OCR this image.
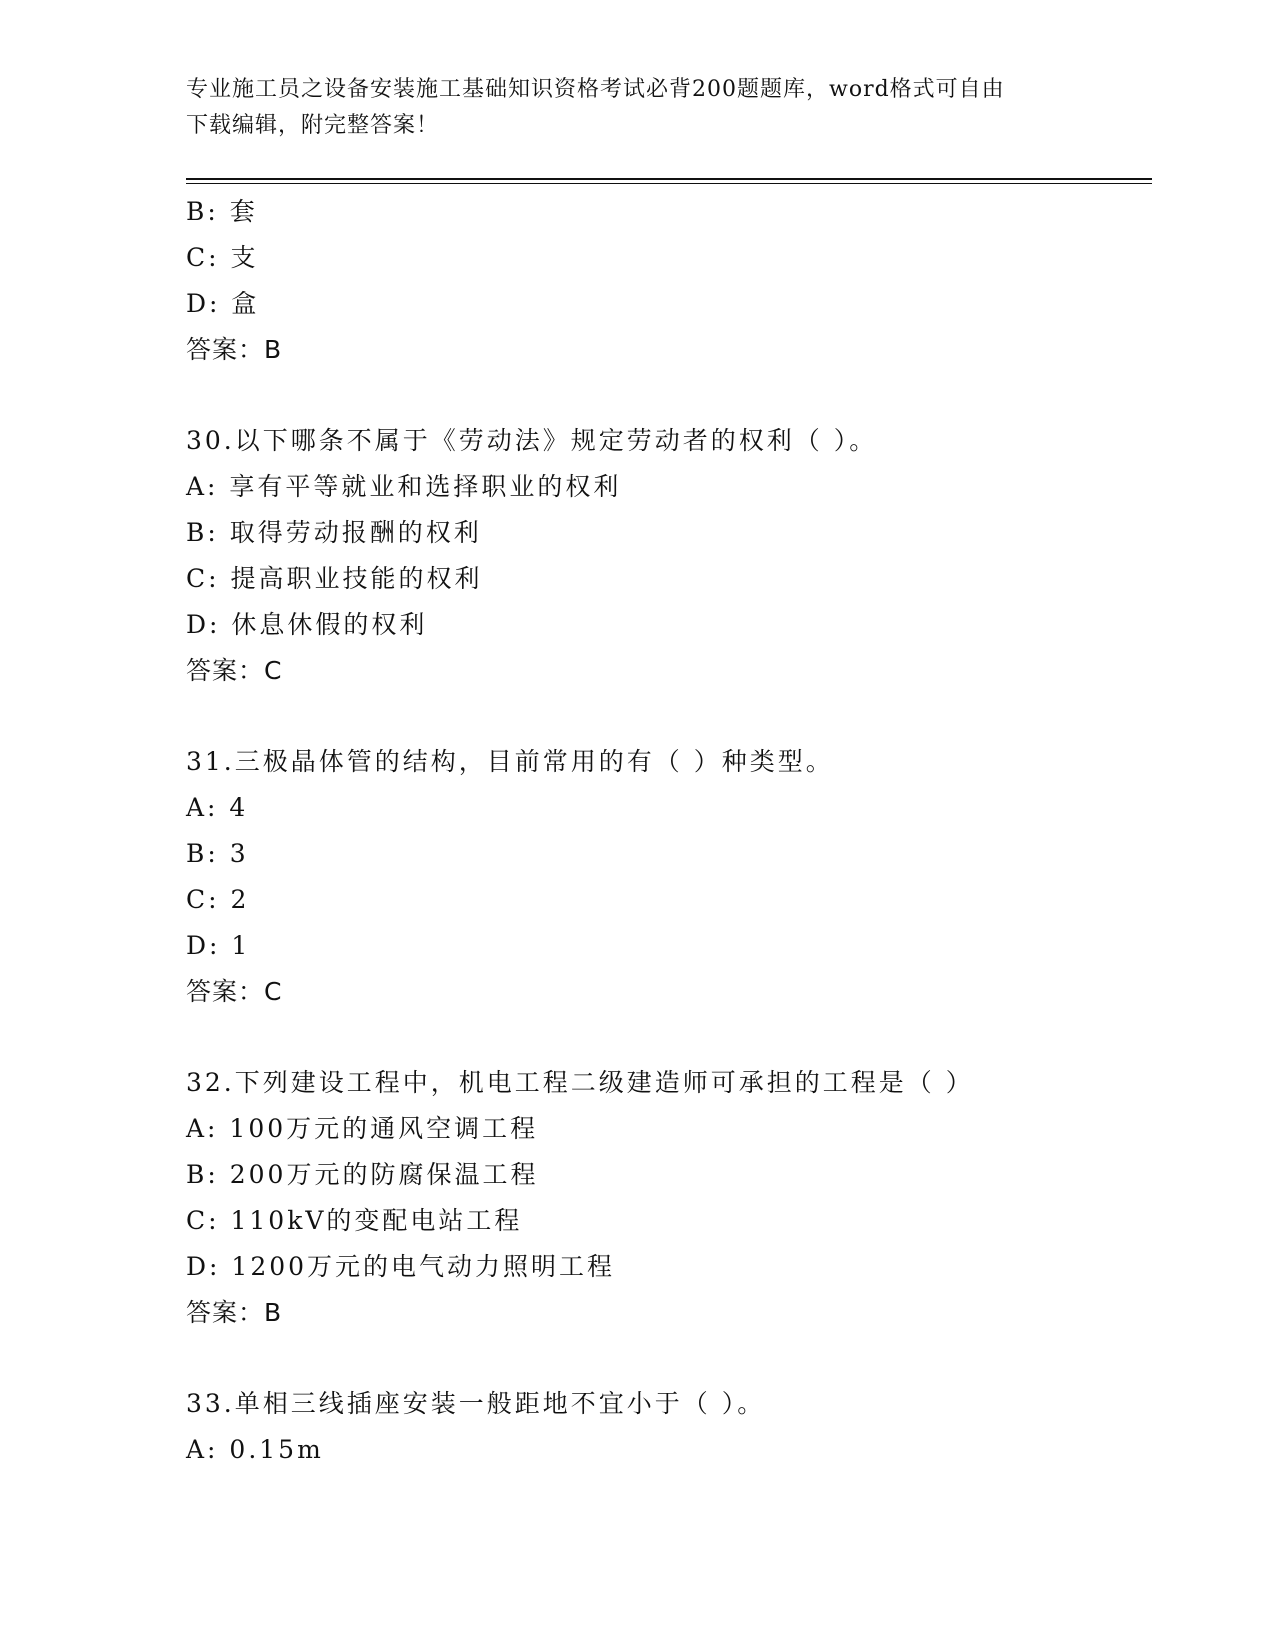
专业施工员之设备安装施工基础知识资格考试必背200题题库，word格式可自由
下载编辑，附完整答案！
B: 套
C: 支
D: 盒
答案：B
30.以下哪条不属于《劳动法》规定劳动者的权利（ ）。
A: 享有平等就业和选择职业的权利
B: 取得劳动报酬的权利
C: 提高职业技能的权利
D: 休息休假的权利
答案：C
31.三极晶体管的结构，目前常用的有（ ）种类型。
A: 4
B: 3
C: 2
D: 1
答案：C
32.下列建设工程中，机电工程二级建造师可承担的工程是（ ）
A: 100万元的通风空调工程
B: 200万元的防腐保温工程
C: 110kV的变配电站工程
D: 1200万元的电气动力照明工程
答案：B
33.单相三线插座安装一般距地不宜小于（ ）。
A: 0.15m
